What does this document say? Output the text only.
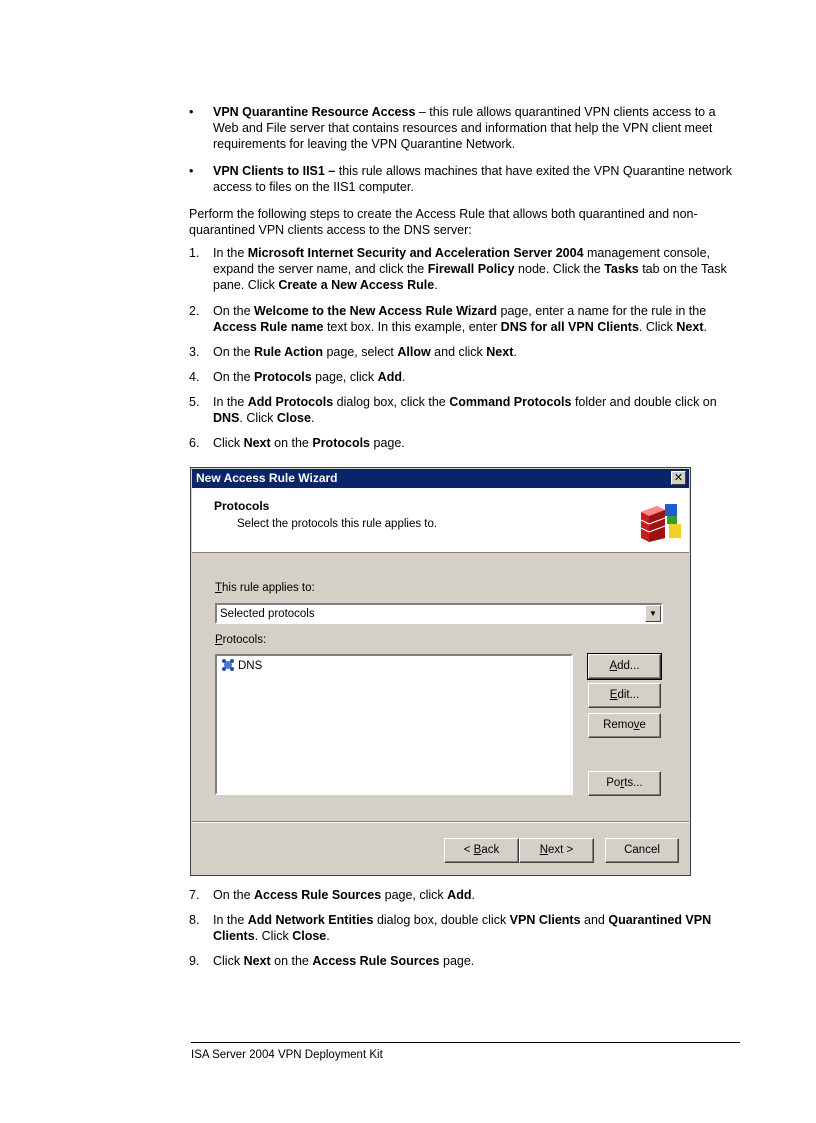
• VPN Quarantine Resource Access – this rule allows quarantined VPN clients access to a Web and File server that contains resources and information that help the VPN client meet requirements for leaving the VPN Quarantine Network.
• VPN Clients to IIS1 – this rule allows machines that have exited the VPN Quarantine network access to files on the IIS1 computer.
Perform the following steps to create the Access Rule that allows both quarantined and non-quarantined VPN clients access to the DNS server:
1. In the Microsoft Internet Security and Acceleration Server 2004 management console, expand the server name, and click the Firewall Policy node. Click the Tasks tab on the Task pane. Click Create a New Access Rule.
2. On the Welcome to the New Access Rule Wizard page, enter a name for the rule in the Access Rule name text box. In this example, enter DNS for all VPN Clients. Click Next.
3. On the Rule Action page, select Allow and click Next.
4. On the Protocols page, click Add.
5. In the Add Protocols dialog box, click the Command Protocols folder and double click on DNS. Click Close.
6. Click Next on the Protocols page.
New Access Rule Wizard	✕
Protocols
Select the protocols this rule applies to.
This rule applies to:
Selected protocols	▼
Protocols:
DNS	Add...
Edit...
Remove
Ports...
< Back	Next >	Cancel
7. On the Access Rule Sources page, click Add.
8. In the Add Network Entities dialog box, double click VPN Clients and Quarantined VPN Clients. Click Close.
9. Click Next on the Access Rule Sources page.
ISA Server 2004 VPN Deployment Kit
